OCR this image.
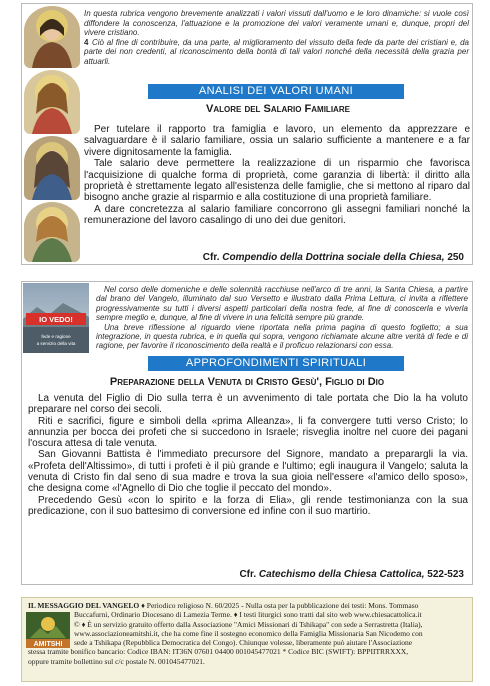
In questa rubrica vengono brevemente analizzati i valori vissuti dall'uomo e le loro dinamiche: si vuole così diffondere la conoscenza, l'attuazione e la promozione dei valori veramente umani e, dunque, propri del vivere cristiano.

4 Ciò al fine di contribuire, da una parte, al miglioramento del vissuto della fede da parte dei cristiani e, da parte dei non credenti, al riconoscimento della bontà di tali valori nonché della necessità della grazia per attuarli.

ANALISI DEI VALORI UMANI
Valore del Salario Familiare

Per tutelare il rapporto tra famiglia e lavoro, un elemento da apprezzare e salvaguardare è il salario familiare, ossia un salario sufficiente a mantenere e a far vivere dignitosamente la famiglia.

Tale salario deve permettere la realizzazione di un risparmio che favorisca l'acquisizione di qualche forma di proprietà, come garanzia di libertà: il diritto alla proprietà è strettamente legato all'esistenza delle famiglie, che si mettono al riparo dal bisogno anche grazie al risparmio e alla costituzione di una proprietà familiare.

A dare concretezza al salario familiare concorrono gli assegni familiari nonché la remunerazione del lavoro casalingo di uno dei due genitori.

Cfr. Compendio della Dottrina sociale della Chiesa, 250
IO VEDO!
fede e ragione
a servizio della vita

Nel corso delle domeniche e delle solennità racchiuse nell'arco di tre anni, la Santa Chiesa, a partire dal brano del Vangelo, illuminato dal suo Versetto e illustrato dalla Prima Lettura, ci invita a riflettere progressivamente su tutti i diversi aspetti particolari della nostra fede, al fine di conoscerla e viverla sempre meglio e, dunque, al fine di vivere in una felicità sempre più grande.

Una breve riflessione al riguardo viene riportata nella prima pagina di questo foglietto; a sua integrazione, in questa rubrica, e in quella qui sopra, vengono richiamate alcune altre verità di fede e di ragione, per favorire il riconoscimento della realtà e il proficuo relazionarsi con essa.

APPROFONDIMENTI SPIRITUALI
Preparazione della Venuta di Cristo Gesù', Figlio di Dio

La venuta del Figlio di Dio sulla terra è un avvenimento di tale portata che Dio la ha voluto preparare nel corso dei secoli.

Riti e sacrifici, figure e simboli della «prima Alleanza», li fa convergere tutti verso Cristo; lo annunzia per bocca dei profeti che si succedono in Israele; risveglia inoltre nel cuore dei pagani l'oscura attesa di tale venuta.

San Giovanni Battista è l'immediato precursore del Signore, mandato a preparargli la via. «Profeta dell'Altissimo», di tutti i profeti è il più grande e l'ultimo; egli inaugura il Vangelo; saluta la venuta di Cristo fin dal seno di sua madre e trova la sua gioia nell'essere «l'amico dello sposo», che designa come «l'Agnello di Dio che toglie il peccato del mondo».

Precedendo Gesù «con lo spirito e la forza di Elia», gli rende testimonianza con la sua predicazione, con il suo battesimo di conversione ed infine con il suo martirio.

Cfr. Catechismo della Chiesa Cattolica, 522-523
AMITSHI
IL MESSAGGIO DEL VANGELO ♦ Periodico religioso N. 60/2025 - Nulla osta per la pubblicazione dei testi: Mons. Tommaso
Buccafurni, Ordinario Diocesano di Lamezia Terme. ♦ I testi liturgici sono tratti dal sito web www.chiesacattolica.it
© ♦ È un servizio gratuito offerto dalla Associazione "Amici Missionari di Tshikapa" con sede a Serrastretta (Italia),
www.associazioneamitshi.it, che ha come fine il sostegno economico della Famiglia Missionaria San Nicodemo con
sede a Tshikapa (Repubblica Democratica del Congo). Chiunque volesse, liberamente può aiutare l'Associazione
stessa tramite bonifico bancario: Codice IBAN: IT36N 07601 04400 001045477021 * Codice BIC (SWIFT): BPPIITRRXXX,
oppure tramite bollettino sul c/c postale N. 001045477021.
